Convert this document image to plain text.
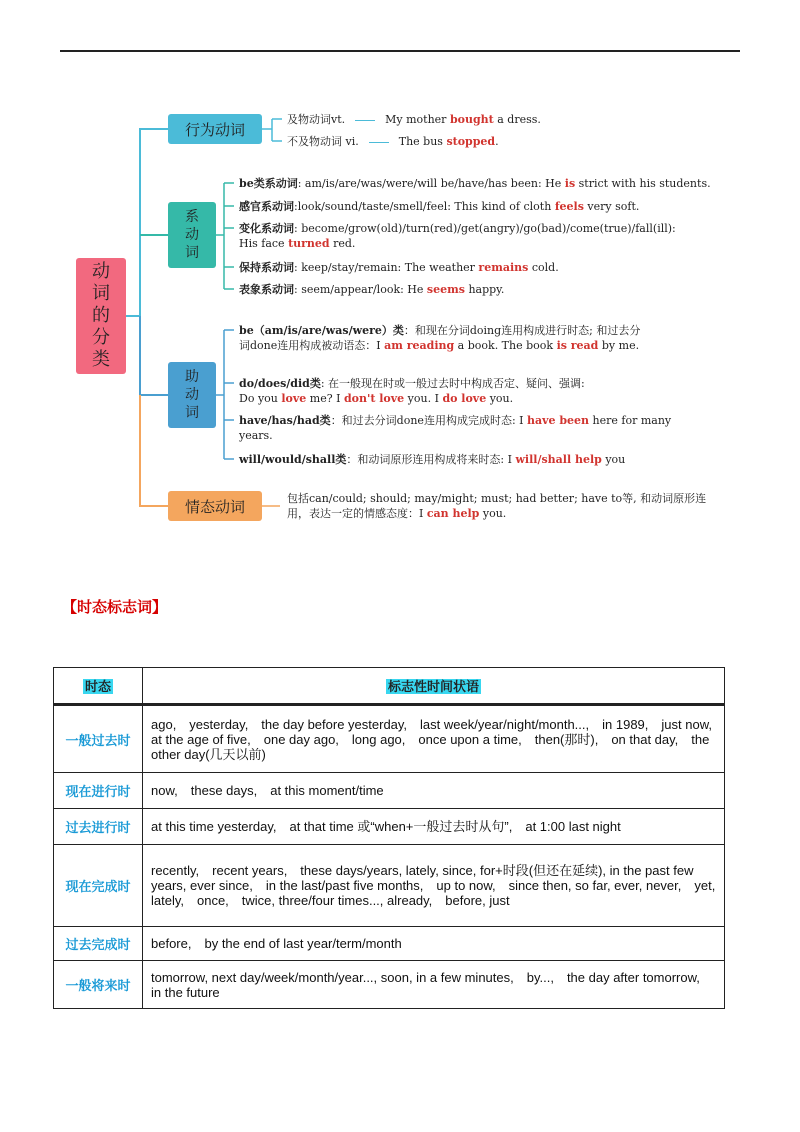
动
词
的
分
类
行为动词
系
动
词
助
动
词
情态动词
及物动词vt.	My mother bought a dress.
不及物动词 vi.	The bus stopped.
be类系动词: am/is/are/was/were/will be/have/has been: He is strict with his students.
感官系动词:look/sound/taste/smell/feel: This kind of cloth feels very soft.
变化系动词: become/grow(old)/turn(red)/get(angry)/go(bad)/come(true)/fall(ill):
His face turned red.
保持系动词: keep/stay/remain: The weather remains cold.
表象系动词: seem/appear/look: He seems happy.
be（am/is/are/was/were）类：和现在分词doing连用构成进行时态; 和过去分词done连用构成被动语态：I am reading a book. The book is read by me.
do/does/did类: 在一般现在时或一般过去时中构成否定、疑问、强调:
Do you love me? I don't love you. I do love you.
have/has/had类：和过去分词done连用构成完成时态: I have been here for many years.
will/would/shall类：和动词原形连用构成将来时态: I will/shall help you
包括can/could; should; may/might; must; had better; have to等, 和动词原形连用，表达一定的情感态度：I can help you.
【时态标志词】
时态	标志性时间状语
一般过去时	ago,　yesterday,　the day before yesterday,　last week/year/night/month...,　in 1989,　just now,　at the age of five,　one day ago,　long ago,　once upon a time,　then(那时),　on that day,　the other day(几天以前)
现在进行时	now,　these days,　at this moment/time
过去进行时	at this time yesterday,　at that time 或“when+一般过去时从句”,　at 1:00 last night
现在完成时	recently,　recent years,　these days/years, lately, since, for+时段(但还在延续), in the past few years, ever since,　in the last/past five months,　up to now,　since then, so far, ever, never,　yet,　lately,　once,　twice, three/four times..., already,　before, just
过去完成时	before,　by the end of last year/term/month
一般将来时	tomorrow, next day/week/month/year..., soon, in a few minutes,　by...,　the day after tomorrow,　in the future
